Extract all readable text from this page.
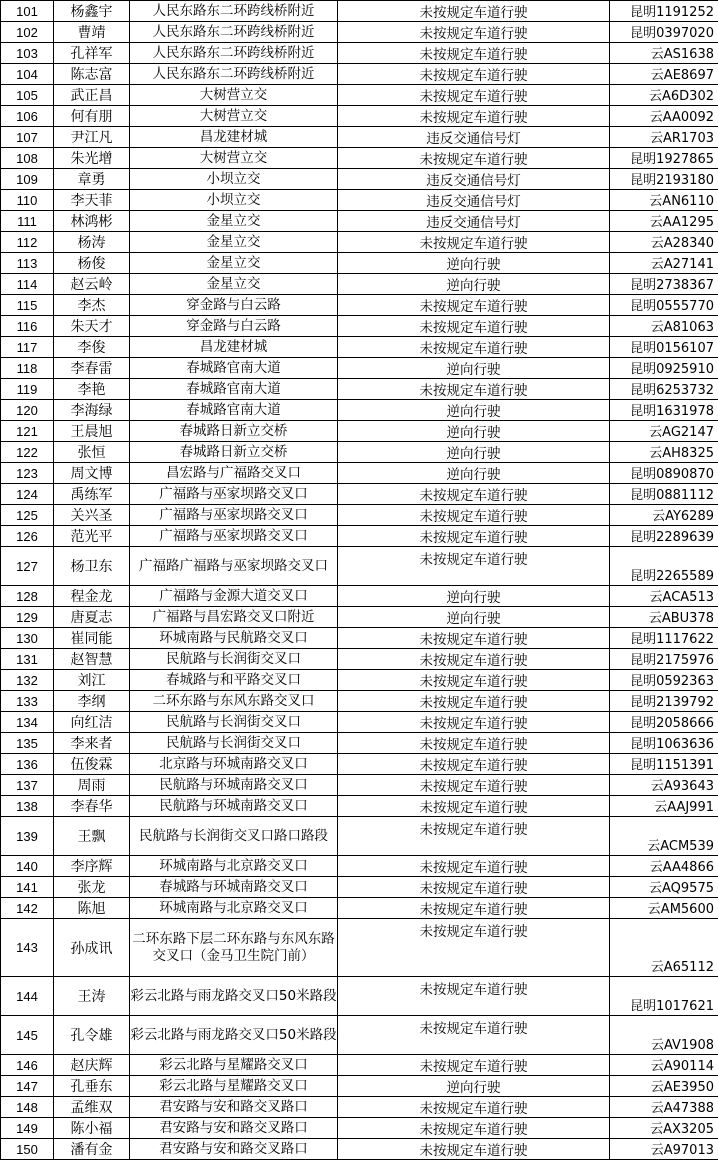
101	杨鑫宇	人民东路东二环跨线桥附近	未按规定车道行驶	昆明1191252
102	曹靖	人民东路东二环跨线桥附近	未按规定车道行驶	昆明0397020
103	孔祥军	人民东路东二环跨线桥附近	未按规定车道行驶	云AS1638
104	陈志富	人民东路东二环跨线桥附近	未按规定车道行驶	云AE8697
105	武正昌	大树营立交	未按规定车道行驶	云A6D302
106	何有朋	大树营立交	未按规定车道行驶	云AA0092
107	尹江凡	昌龙建材城	违反交通信号灯	云AR1703
108	朱光增	大树营立交	未按规定车道行驶	昆明1927865
109	章勇	小坝立交	违反交通信号灯	昆明2193180
110	李天菲	小坝立交	违反交通信号灯	云AN6110
111	林鸿彬	金星立交	违反交通信号灯	云AA1295
112	杨涛	金星立交	未按规定车道行驶	云A28340
113	杨俊	金星立交	逆向行驶	云A27141
114	赵云岭	金星立交	逆向行驶	昆明2738367
115	李杰	穿金路与白云路	未按规定车道行驶	昆明0555770
116	朱天才	穿金路与白云路	未按规定车道行驶	云A81063
117	李俊	昌龙建材城	未按规定车道行驶	昆明0156107
118	李春雷	春城路官南大道	逆向行驶	昆明0925910
119	李艳	春城路官南大道	未按规定车道行驶	昆明6253732
120	李海绿	春城路官南大道	逆向行驶	昆明1631978
121	王晨旭	春城路日新立交桥	逆向行驶	云AG2147
122	张恒	春城路日新立交桥	逆向行驶	云AH8325
123	周文博	昌宏路与广福路交叉口	逆向行驶	昆明0890870
124	禹练军	广福路与巫家坝路交叉口	未按规定车道行驶	昆明0881112
125	关兴圣	广福路与巫家坝路交叉口	未按规定车道行驶	云AY6289
126	范光平	广福路与巫家坝路交叉口	未按规定车道行驶	昆明2289639
127	杨卫东	广福路广福路与巫家坝路交叉口	未按规定车道行驶	昆明2265589
128	程金龙	广福路与金源大道交叉口	逆向行驶	云ACA513
129	唐夏志	广福路与昌宏路交叉口附近	逆向行驶	云ABU378
130	崔同能	环城南路与民航路交叉口	未按规定车道行驶	昆明1117622
131	赵智慧	民航路与长润街交叉口	未按规定车道行驶	昆明2175976
132	刘江	春城路与和平路交叉口	未按规定车道行驶	昆明0592363
133	李纲	二环东路与东风东路交叉口	未按规定车道行驶	昆明2139792
134	向红洁	民航路与长润街交叉口	未按规定车道行驶	昆明2058666
135	李来者	民航路与长润街交叉口	未按规定车道行驶	昆明1063636
136	伍俊霖	北京路与环城南路交叉口	未按规定车道行驶	昆明1151391
137	周雨	民航路与环城南路交叉口	未按规定车道行驶	云A93643
138	李春华	民航路与环城南路交叉口	未按规定车道行驶	云AAJ991
139	王飘	民航路与长润街交叉口路口路段	未按规定车道行驶	云ACM539
140	李序辉	环城南路与北京路交叉口	未按规定车道行驶	云AA4866
141	张龙	春城路与环城南路交叉口	未按规定车道行驶	云AQ9575
142	陈旭	环城南路与北京路交叉口	未按规定车道行驶	云AM5600
143	孙成讯	二环东路下层二环东路与东风东路交叉口（金马卫生院门前）	未按规定车道行驶	云A65112
144	王涛	彩云北路与雨龙路交叉口50米路段	未按规定车道行驶	昆明1017621
145	孔令雄	彩云北路与雨龙路交叉口50米路段	未按规定车道行驶	云AV1908
146	赵庆辉	彩云北路与星耀路交叉口	未按规定车道行驶	云A90114
147	孔垂东	彩云北路与星耀路交叉口	逆向行驶	云AE3950
148	孟维双	君安路与安和路交叉路口	未按规定车道行驶	云A47388
149	陈小福	君安路与安和路交叉路口	未按规定车道行驶	云AX3205
150	潘有金	君安路与安和路交叉路口	未按规定车道行驶	云A97013
